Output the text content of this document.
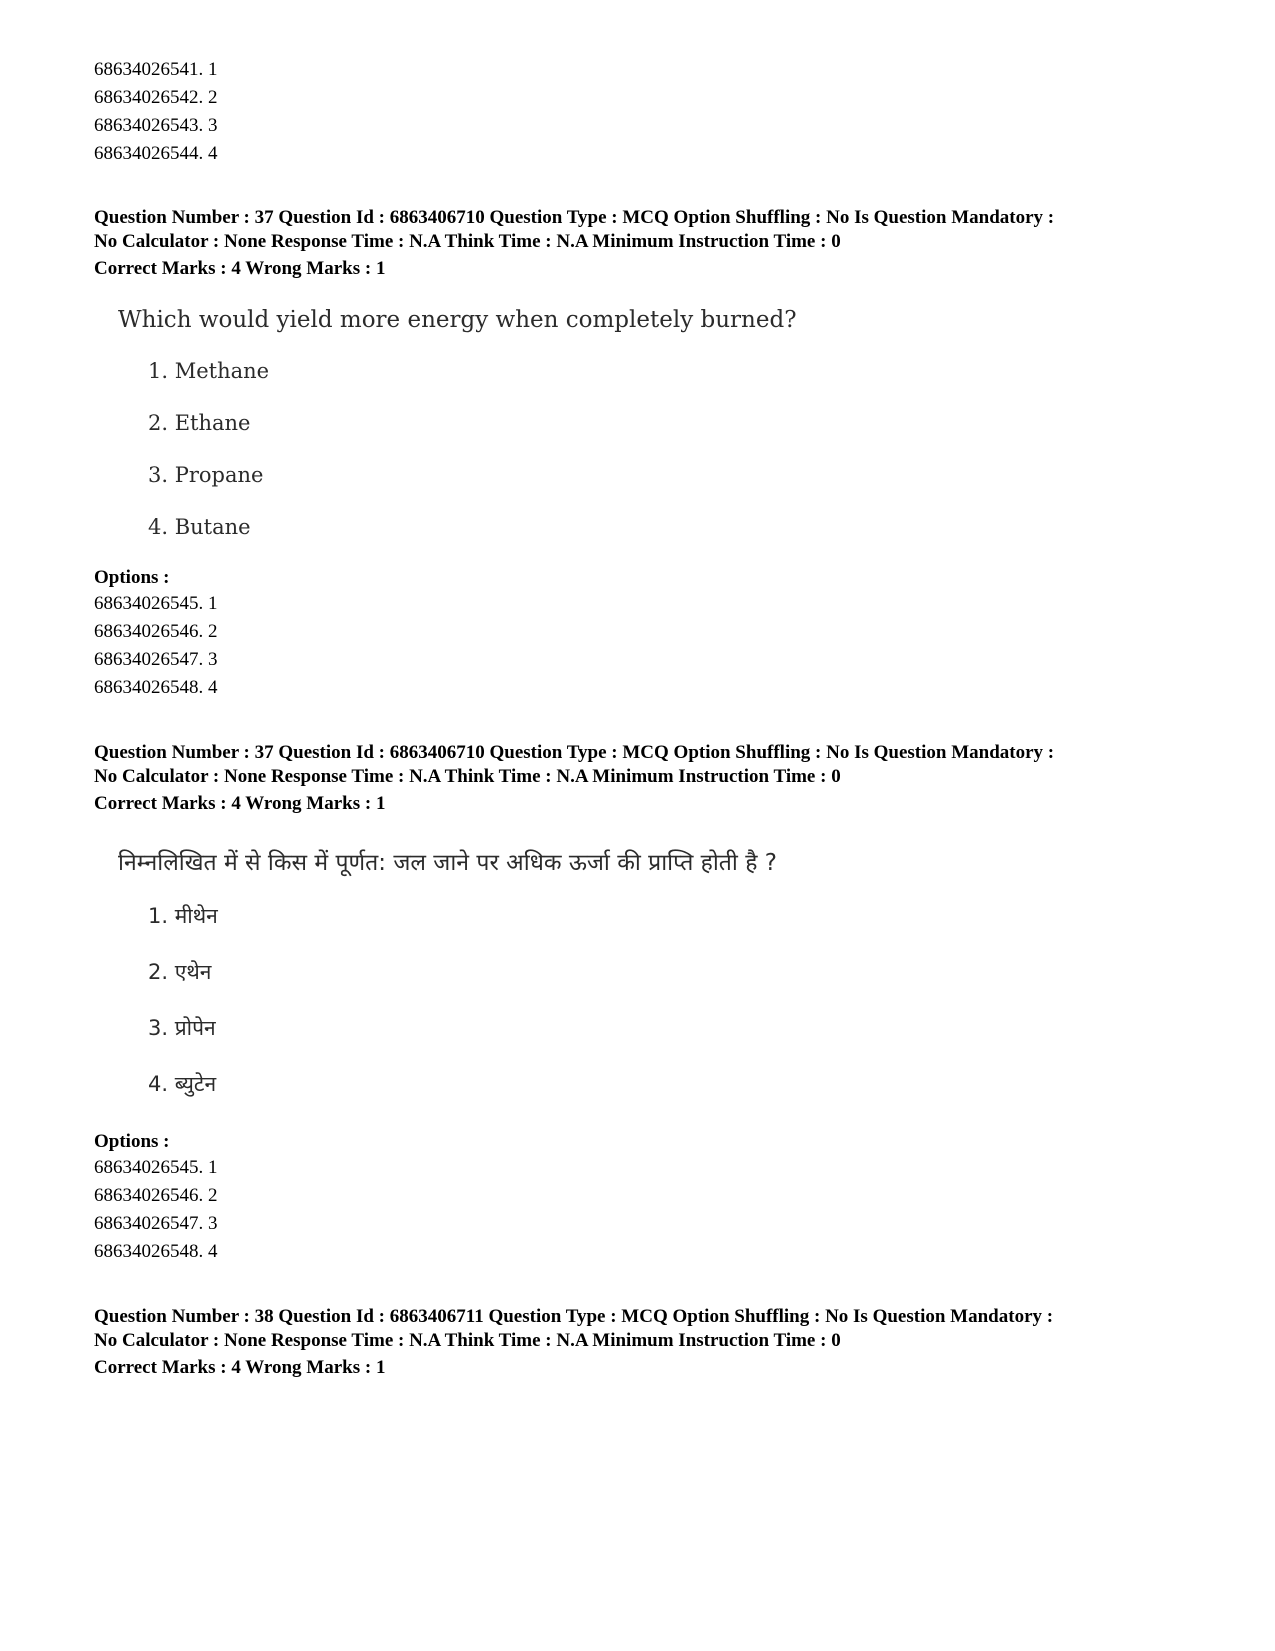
68634026541. 1
68634026542. 2
68634026543. 3
68634026544. 4
Question Number : 37 Question Id : 6863406710 Question Type : MCQ Option Shuffling : No Is Question Mandatory :
No Calculator : None Response Time : N.A Think Time : N.A Minimum Instruction Time : 0
Correct Marks : 4 Wrong Marks : 1
Which would yield more energy when completely burned?
1. Methane
2. Ethane
3. Propane
4. Butane
Options :
68634026545. 1
68634026546. 2
68634026547. 3
68634026548. 4
Question Number : 37 Question Id : 6863406710 Question Type : MCQ Option Shuffling : No Is Question Mandatory :
No Calculator : None Response Time : N.A Think Time : N.A Minimum Instruction Time : 0
Correct Marks : 4 Wrong Marks : 1
निम्नलिखित में से किस में पूर्णत: जल जाने पर अधिक ऊर्जा की प्राप्ति होती है ?
1. मीथेन
2. एथेन
3. प्रोपेन
4. ब्युटेन
Options :
68634026545. 1
68634026546. 2
68634026547. 3
68634026548. 4
Question Number : 38 Question Id : 6863406711 Question Type : MCQ Option Shuffling : No Is Question Mandatory :
No Calculator : None Response Time : N.A Think Time : N.A Minimum Instruction Time : 0
Correct Marks : 4 Wrong Marks : 1
